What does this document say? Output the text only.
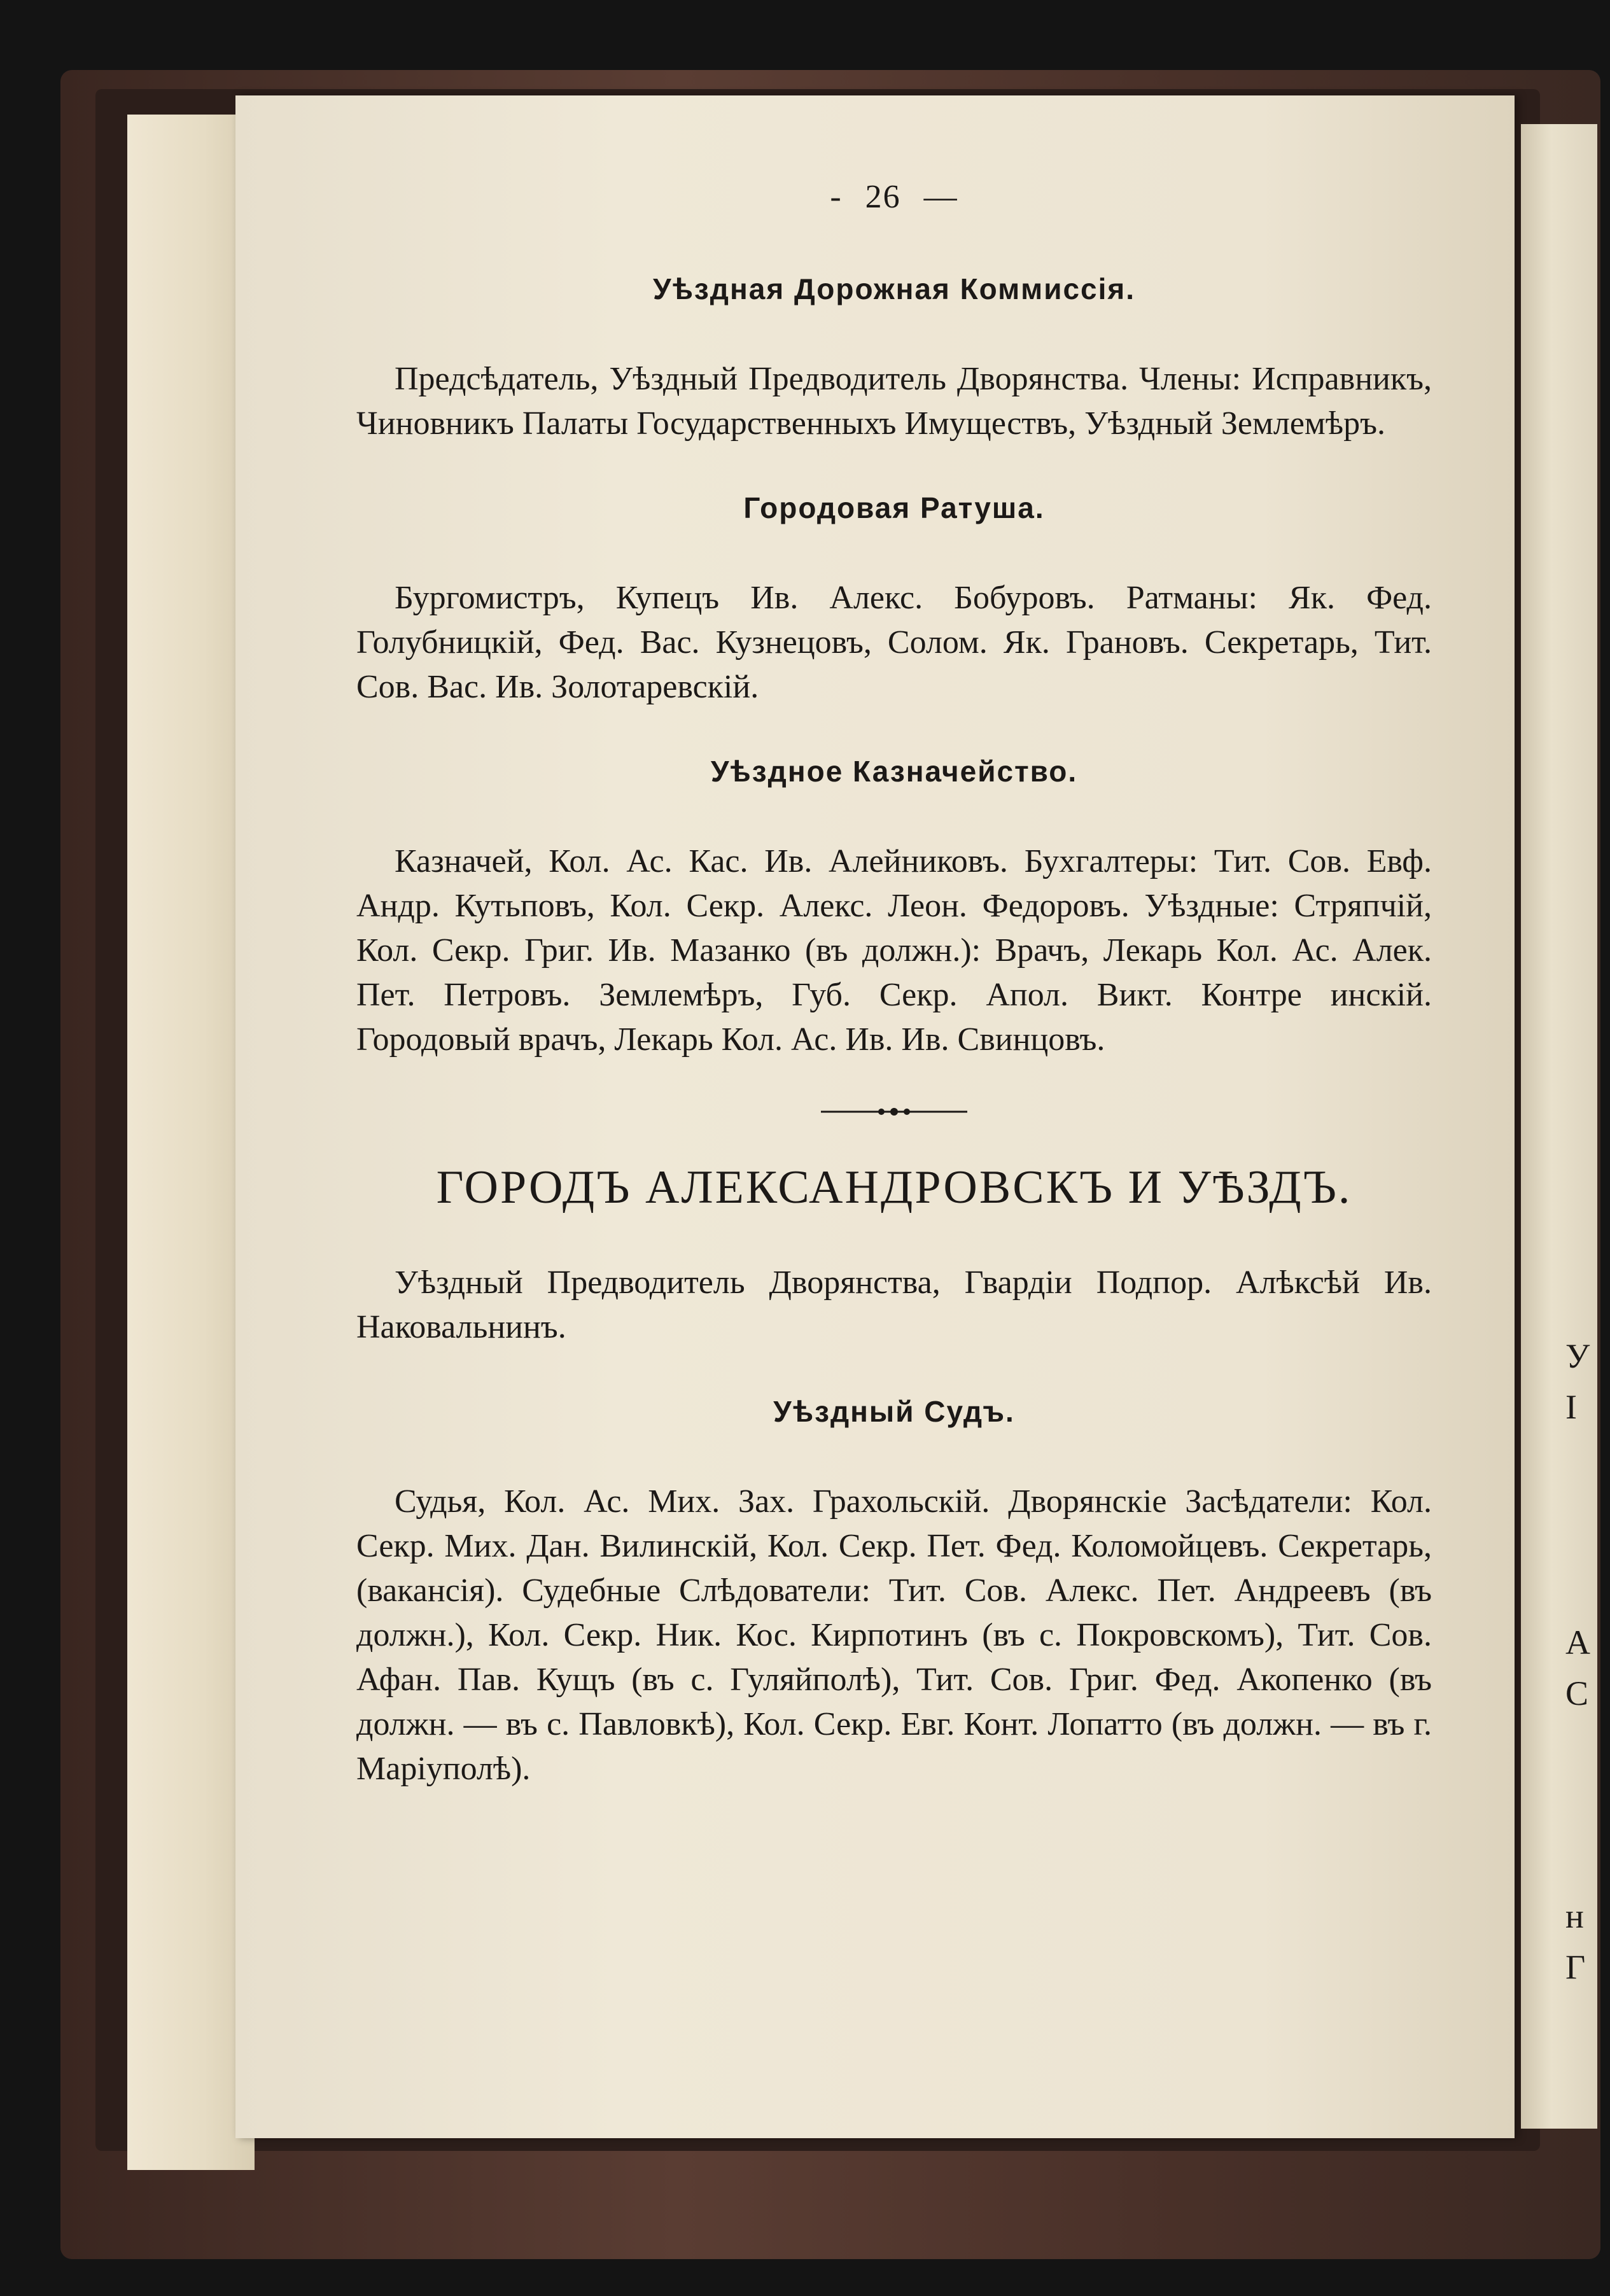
- 26 —
Уѣздная Дорожная Коммиссія.

Предсѣдатель, Уѣздный Предводитель Дворянства. Члены: Исправникъ, Чиновникъ Палаты Государственныхъ Имуществъ, Уѣздный Землемѣръ.

Городовая Ратуша.

Бургомистръ, Купецъ Ив. Алекс. Бобуровъ. Ратманы: Як. Фед. Голубницкій, Фед. Вас. Кузнецовъ, Солом. Як. Грановъ. Секретарь, Тит. Сов. Вас. Ив. Золотаревскій.

Уѣздное Казначейство.

Казначей, Кол. Ас. Кас. Ив. Алейниковъ. Бухгалтеры: Тит. Сов. Евф. Андр. Кутьповъ, Кол. Секр. Алекс. Леон. Федоровъ. Уѣздные: Стряпчій, Кол. Секр. Григ. Ив. Мазанко (въ должн.): Врачъ, Лекарь Кол. Ас. Алек. Пет. Петровъ. Землемѣръ, Губ. Секр. Апол. Викт. Контре инскій. Городовый врачъ, Лекарь Кол. Ас. Ив. Ив. Свинцовъ.

ГОРОДЪ АЛЕКСАНДРОВСКЪ И УѢЗДЪ.

Уѣздный Предводитель Дворянства, Гвардіи Подпор. Алѣксѣй Ив. Наковальнинъ.

Уѣздный Судъ.

Судья, Кол. Ас. Мих. Зах. Грахольскій. Дворянскіе Засѣдатели: Кол. Секр. Мих. Дан. Вилинскій, Кол. Секр. Пет. Фед. Коломойцевъ. Секретарь, (вакансія). Судебные Слѣдователи: Тит. Сов. Алекс. Пет. Андреевъ (въ должн.), Кол. Секр. Ник. Кос. Кирпотинъ (въ с. Покровскомъ), Тит. Сов. Афан. Пав. Кущъ (въ с. Гуляйполѣ), Тит. Сов. Григ. Фед. Акопенко (въ должн. — въ с. Павловкѣ), Кол. Секр. Евг. Конт. Лопатто (въ должн. — въ г. Маріуполѣ).

У
І
А
С
н
Г
